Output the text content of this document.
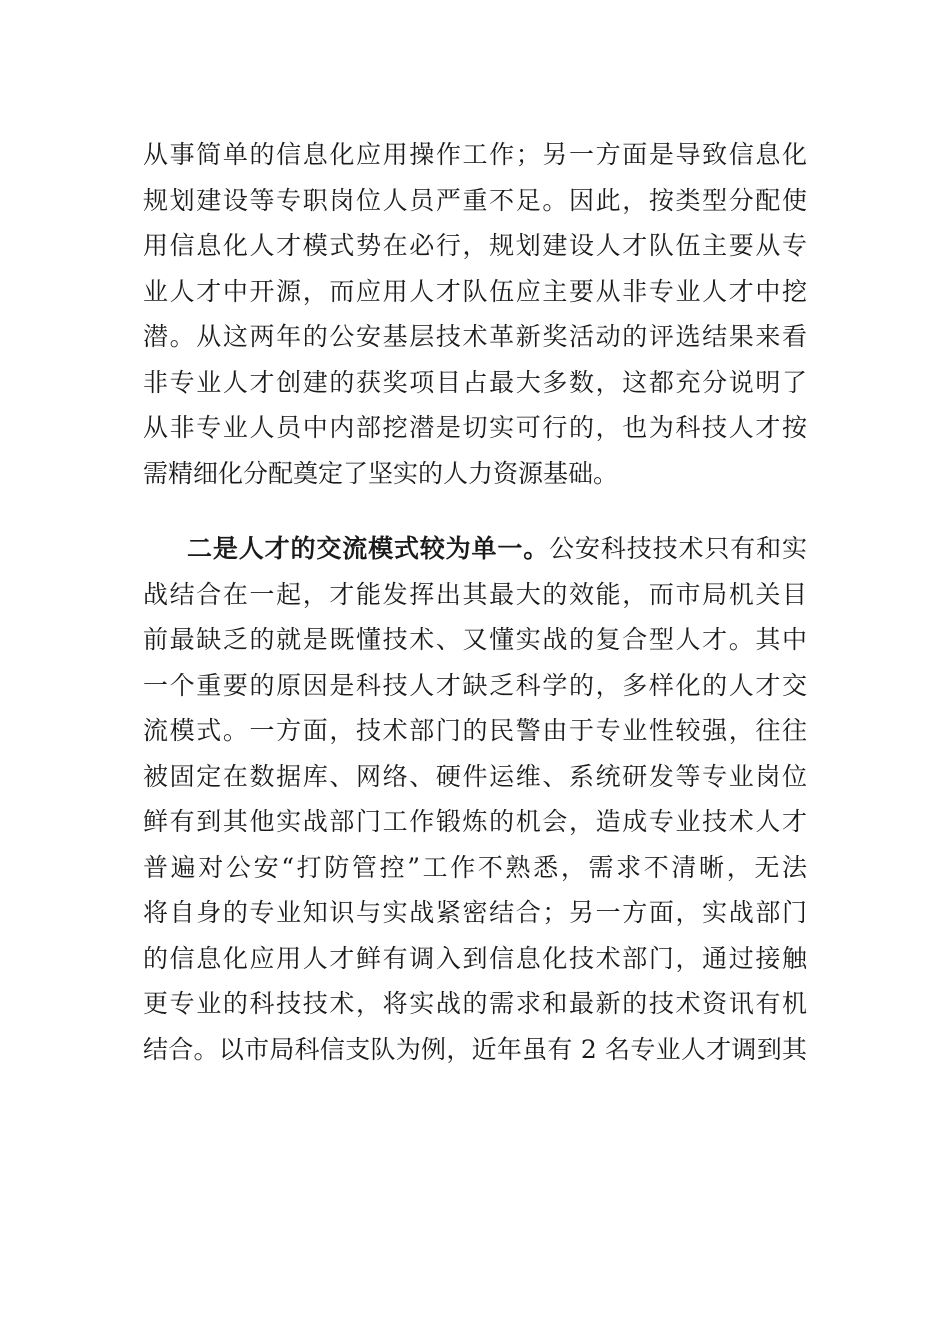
从事简单的信息化应用操作工作；另一方面是导致信息化
规划建设等专职岗位人员严重不足。因此，按类型分配使
用信息化人才模式势在必行，规划建设人才队伍主要从专
业人才中开源，而应用人才队伍应主要从非专业人才中挖
潜。从这两年的公安基层技术革新奖活动的评选结果来看
非专业人才创建的获奖项目占最大多数，这都充分说明了
从非专业人员中内部挖潜是切实可行的，也为科技人才按
需精细化分配奠定了坚实的人力资源基础。
二是人才的交流模式较为单一。公安科技技术只有和实
战结合在一起，才能发挥出其最大的效能，而市局机关目
前最缺乏的就是既懂技术、又懂实战的复合型人才。其中
一个重要的原因是科技人才缺乏科学的，多样化的人才交
流模式。一方面，技术部门的民警由于专业性较强，往往
被固定在数据库、网络、硬件运维、系统研发等专业岗位
鲜有到其他实战部门工作锻炼的机会，造成专业技术人才
普遍对公安“打防管控”工作不熟悉，需求不清晰，无法
将自身的专业知识与实战紧密结合；另一方面，实战部门
的信息化应用人才鲜有调入到信息化技术部门，通过接触
更专业的科技技术，将实战的需求和最新的技术资讯有机
结合。以市局科信支队为例，近年虽有 2 名专业人才调到其
